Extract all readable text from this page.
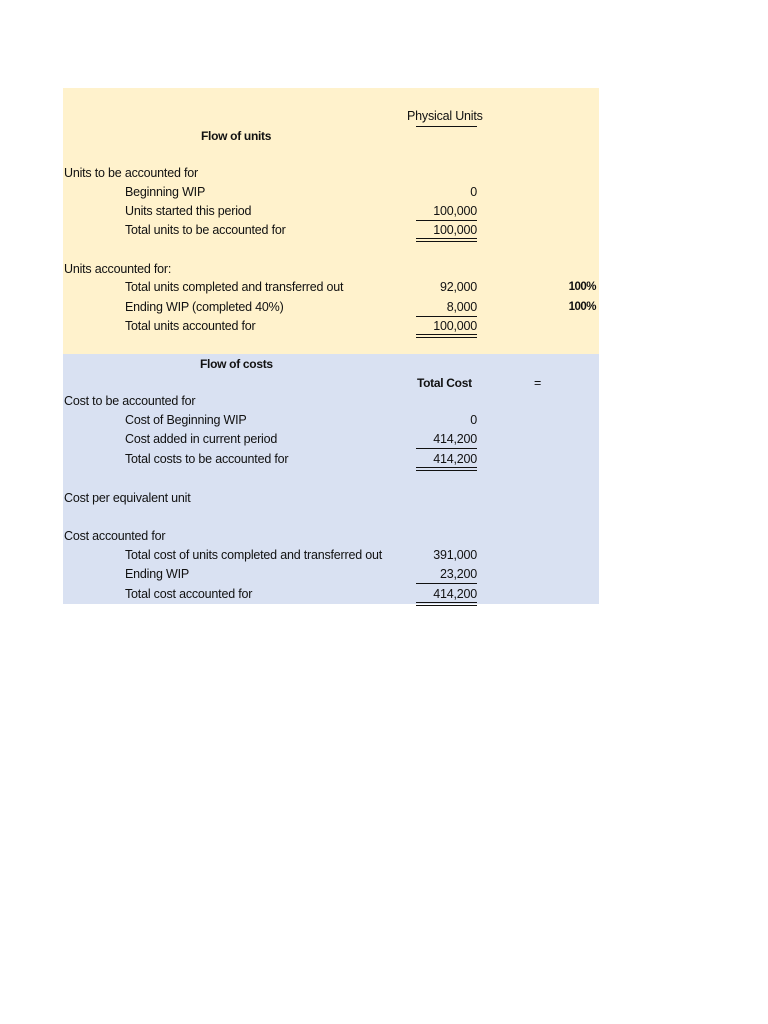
Physical Units
Flow of units
Units to be accounted for
Beginning WIP	0
Units started this period	100,000
Total units to be accounted for	100,000
Units accounted for:
Total units completed and transferred out	92,000	100%
Ending WIP (completed 40%)	8,000	100%
Total units accounted for	100,000
Flow of costs
Total Cost	=
Cost to be accounted for
Cost of Beginning WIP	0
Cost added in current period	414,200
Total costs to be accounted for	414,200
Cost per equivalent unit
Cost accounted for
Total cost of units completed and transferred out	391,000
Ending WIP	23,200
Total cost accounted for	414,200
